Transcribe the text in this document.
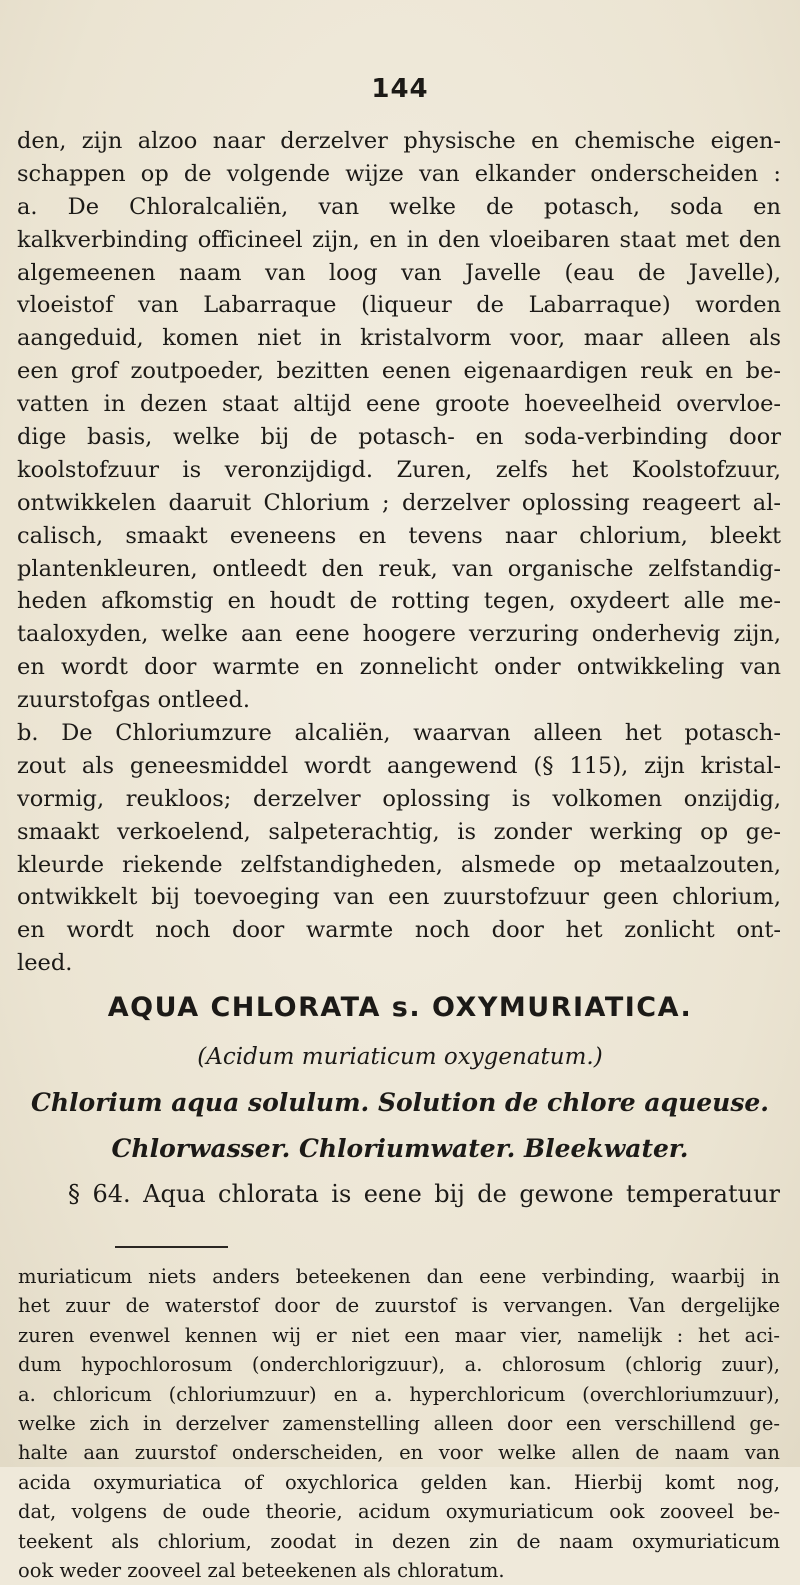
144
den, zijn alzoo naar derzelver physische en chemische eigen-
schappen op de volgende wijze van elkander onderscheiden :
a. De Chloralcaliën, van welke de potasch, soda en
kalkverbinding officineel zijn, en in den vloeibaren staat met den
algemeenen naam van loog van Javelle (eau de Javelle),
vloeistof van Labarraque (liqueur de Labarraque) worden
aangeduid, komen niet in kristalvorm voor, maar alleen als
een grof zoutpoeder, bezitten eenen eigenaardigen reuk en be-
vatten in dezen staat altijd eene groote hoeveelheid overvloe-
dige basis, welke bij de potasch- en soda-verbinding door
koolstofzuur is veronzijdigd. Zuren, zelfs het Koolstofzuur,
ontwikkelen daaruit Chlorium ; derzelver oplossing reageert al-
calisch, smaakt eveneens en tevens naar chlorium, bleekt
plantenkleuren, ontleedt den reuk, van organische zelfstandig-
heden afkomstig en houdt de rotting tegen, oxydeert alle me-
taaloxyden, welke aan eene hoogere verzuring onderhevig zijn,
en wordt door warmte en zonnelicht onder ontwikkeling van
zuurstofgas ontleed.
b. De Chloriumzure alcaliën, waarvan alleen het potasch-
zout als geneesmiddel wordt aangewend (§ 115), zijn kristal-
vormig, reukloos; derzelver oplossing is volkomen onzijdig,
smaakt verkoelend, salpeterachtig, is zonder werking op ge-
kleurde riekende zelfstandigheden, alsmede op metaalzouten,
ontwikkelt bij toevoeging van een zuurstofzuur geen chlorium,
en wordt noch door warmte noch door het zonlicht ont-
leed.
AQUA CHLORATA s. OXYMURIATICA.
(Acidum muriaticum oxygenatum.)
Chlorium aqua solulum. Solution de chlore aqueuse.
Chlorwasser. Chloriumwater. Bleekwater.
§ 64. Aqua chlorata is eene bij de gewone temperatuur
muriaticum niets anders beteekenen dan eene verbinding, waarbij in
het zuur de waterstof door de zuurstof is vervangen. Van dergelijke
zuren evenwel kennen wij er niet een maar vier, namelijk : het aci-
dum hypochlorosum (onderchlorigzuur), a. chlorosum (chlorig zuur),
a. chloricum (chloriumzuur) en a. hyperchloricum (overchloriumzuur),
welke zich in derzelver zamenstelling alleen door een verschillend ge-
halte aan zuurstof onderscheiden, en voor welke allen de naam van
acida oxymuriatica of oxychlorica gelden kan. Hierbij komt nog,
dat, volgens de oude theorie, acidum oxymuriaticum ook zooveel be-
teekent als chlorium, zoodat in dezen zin de naam oxymuriaticum
ook weder zooveel zal beteekenen als chloratum.
